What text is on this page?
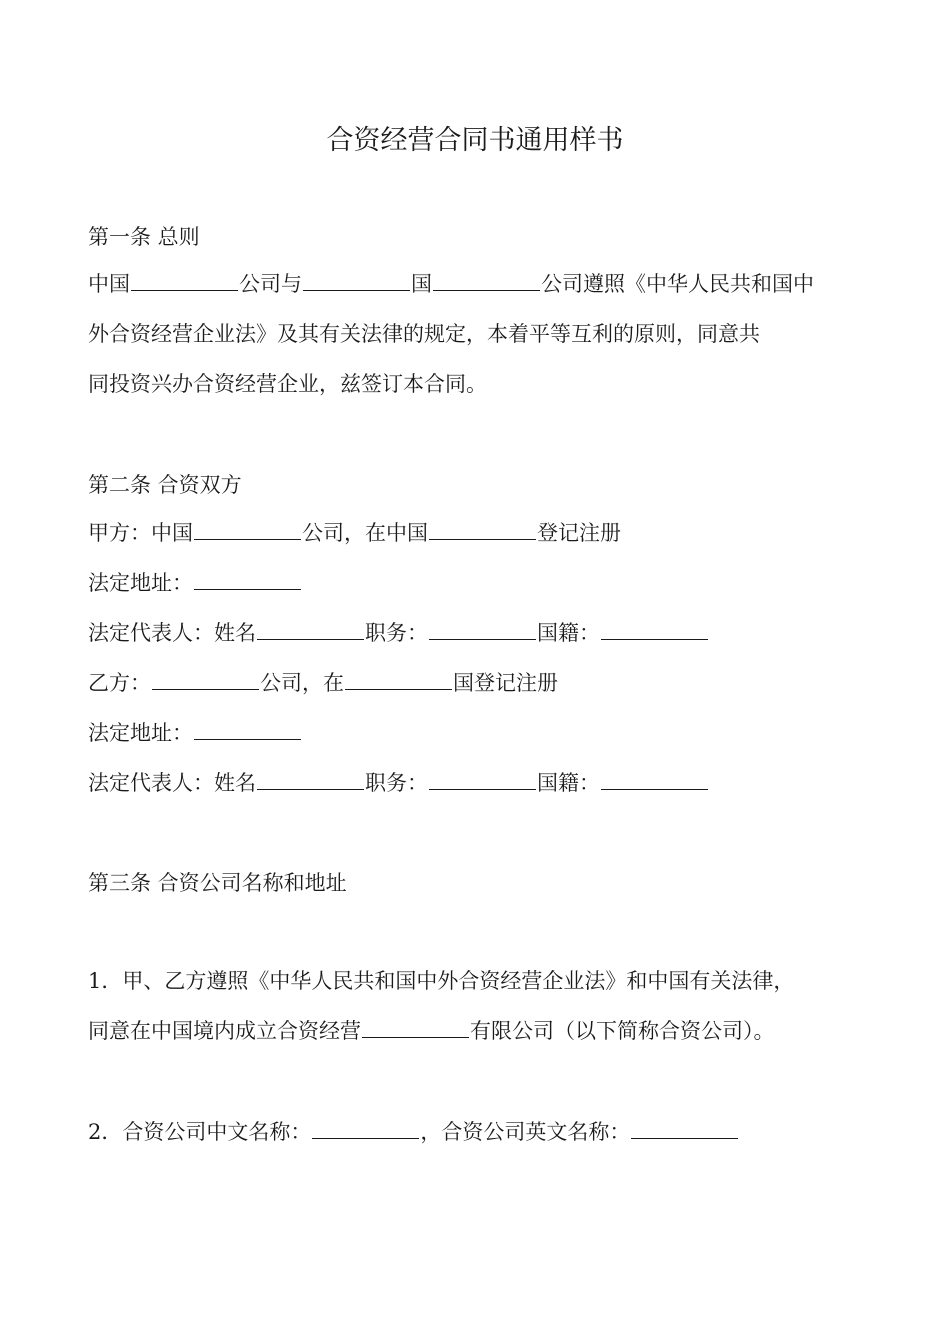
合资经营合同书通用样书
第一条 总则
中国	公司与	国	公司遵照《中华人民共和国中
外合资经营企业法》及其有关法律的规定，本着平等互利的原则，同意共
同投资兴办合资经营企业，兹签订本合同。
第二条 合资双方
甲方：中国	公司，在中国	登记注册
法定地址：
法定代表人：姓名	职务：	国籍：
乙方：	公司，在	国登记注册
法定地址：
法定代表人：姓名	职务：	国籍：
第三条 合资公司名称和地址
1．甲、乙方遵照《中华人民共和国中外合资经营企业法》和中国有关法律，
同意在中国境内成立合资经营	有限公司（以下简称合资公司）。
2．合资公司中文名称：	，合资公司英文名称：
